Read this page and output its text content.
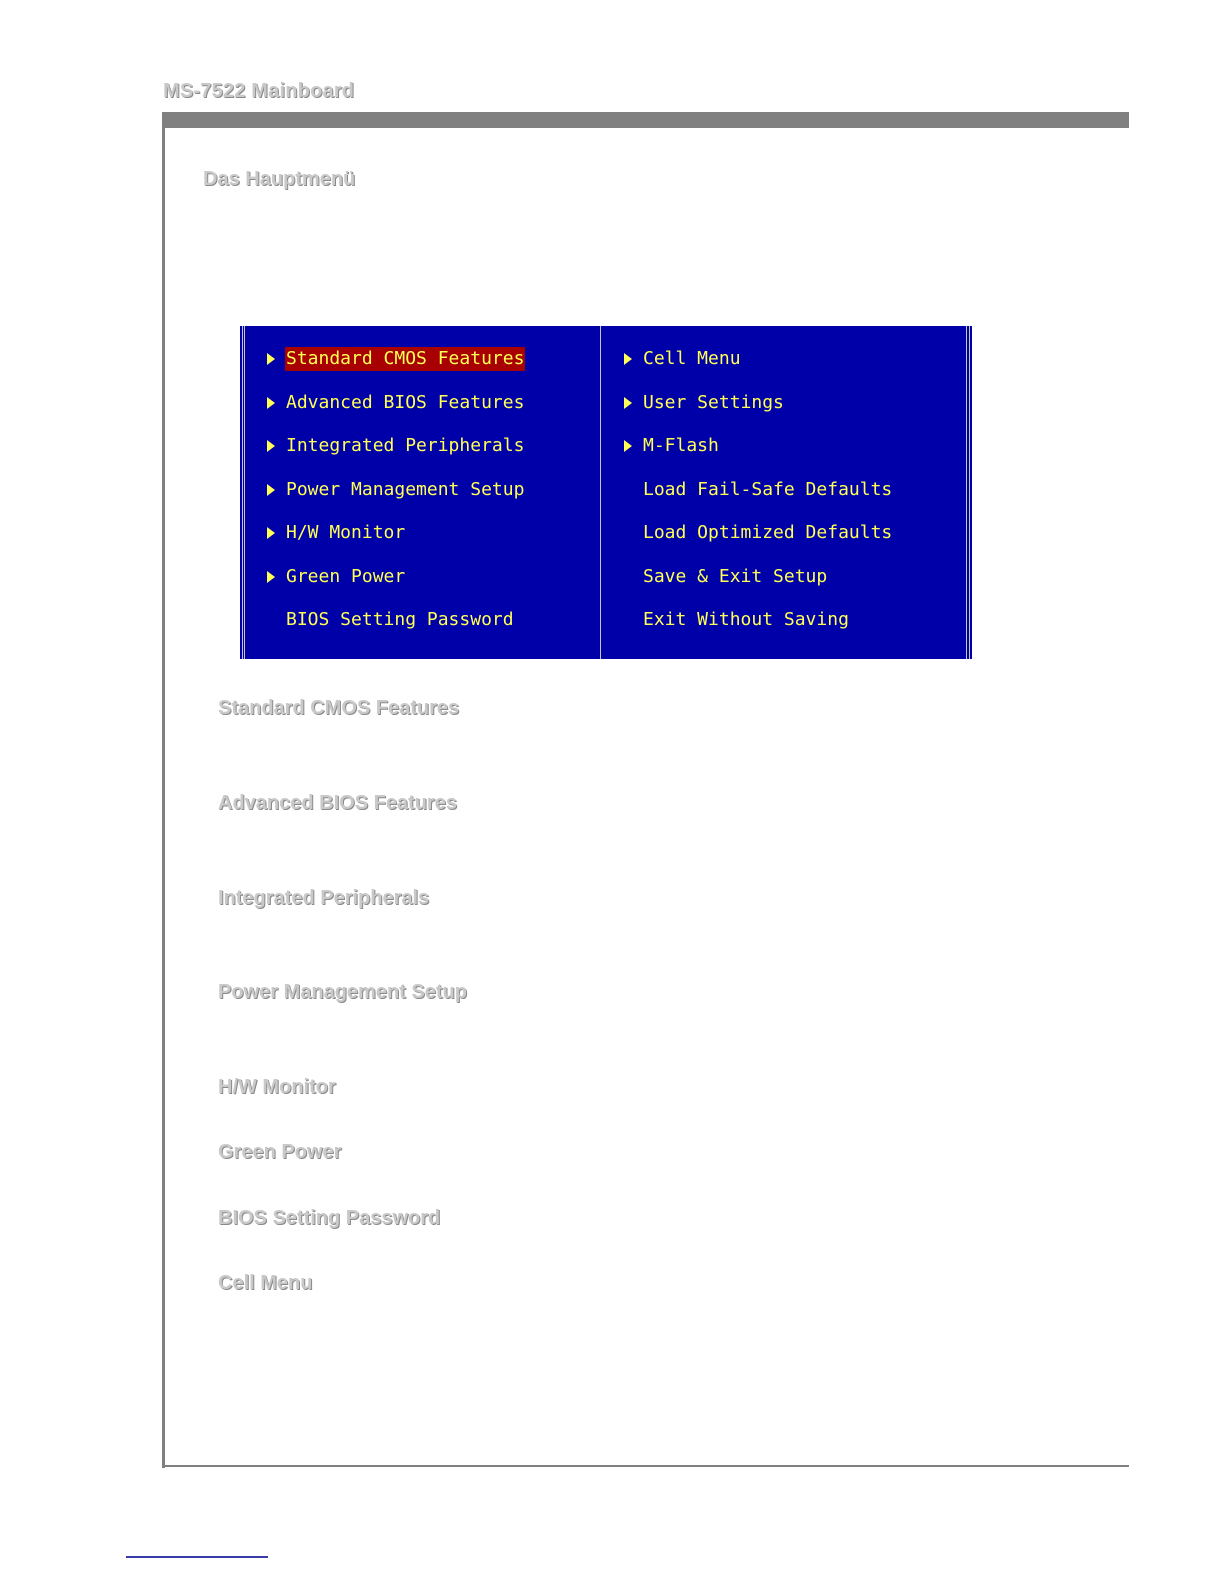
MS-7522 Mainboard
Das Hauptmenü
Standard CMOS Features
Advanced BIOS Features
Integrated Peripherals
Power Management Setup
H/W Monitor
Green Power
BIOS Setting Password
Cell Menu
User Settings
M-Flash
Load Fail-Safe Defaults
Load Optimized Defaults
Save & Exit Setup
Exit Without Saving
Standard CMOS Features
Advanced BIOS Features
Integrated Peripherals
Power Management Setup
H/W Monitor
Green Power
BIOS Setting Password
Cell Menu
